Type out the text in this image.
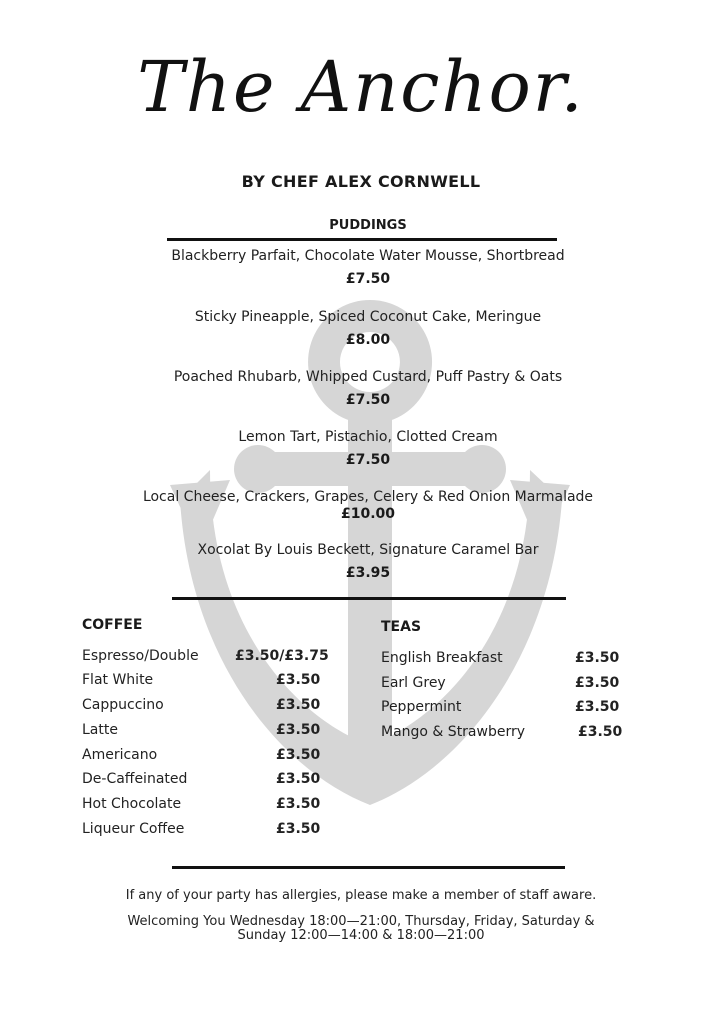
The Anchor.
BY CHEF ALEX CORNWELL
PUDDINGS
Blackberry Parfait, Chocolate Water Mousse, Shortbread
£7.50
Sticky Pineapple, Spiced Coconut Cake, Meringue
£8.00
Poached Rhubarb, Whipped Custard, Puff Pastry & Oats
£7.50
Lemon Tart, Pistachio, Clotted Cream
£7.50
Local Cheese, Crackers, Grapes, Celery & Red Onion Marmalade
£10.00
Xocolat By Louis Beckett, Signature Caramel Bar
£3.95
COFFEE
Espresso/Double	£3.50/£3.75
Flat White	£3.50
Cappuccino	£3.50
Latte	£3.50
Americano	£3.50
De-Caffeinated	£3.50
Hot Chocolate	£3.50
Liqueur Coffee	£3.50
TEAS
English Breakfast	£3.50
Earl Grey	£3.50
Peppermint	£3.50
Mango & Strawberry	£3.50
If any of your party has allergies, please make a member of staff aware.
Welcoming You Wednesday 18:00—21:00, Thursday, Friday, Saturday &
Sunday 12:00—14:00 & 18:00—21:00
